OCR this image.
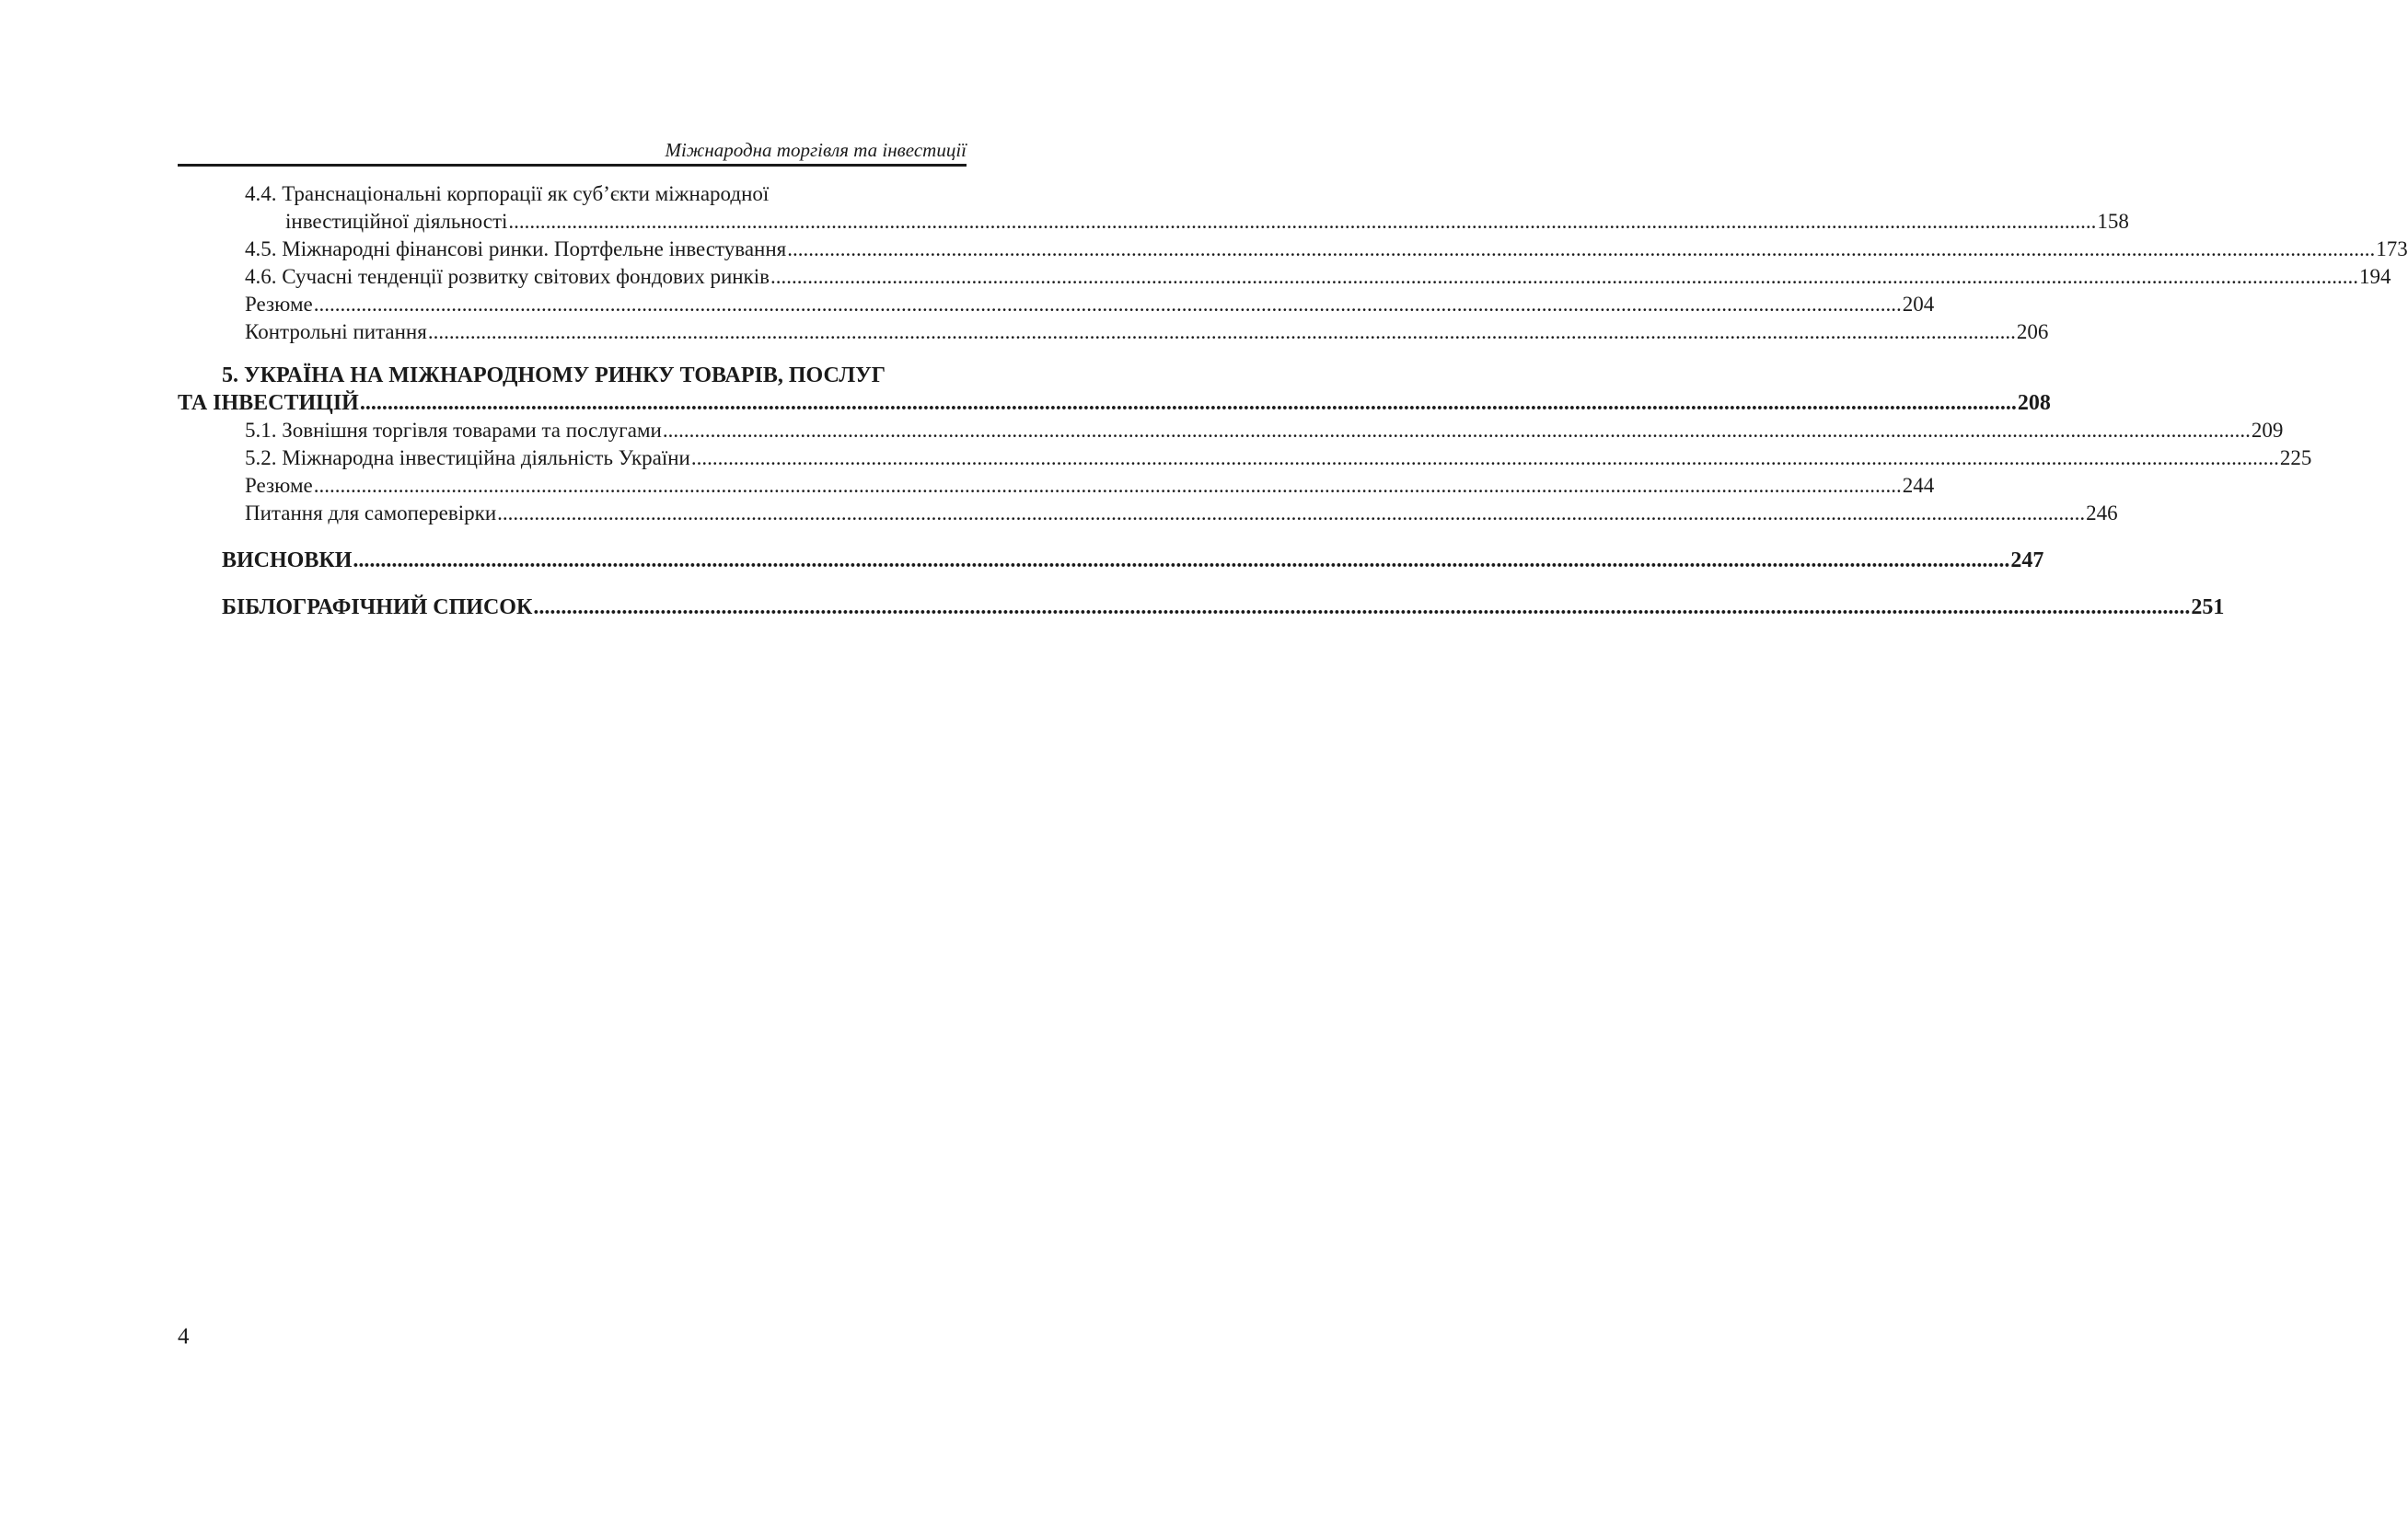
Міжнародна торгівля та інвестиції
4.4. Транснаціональні корпорації як суб’єкти міжнародної
інвестиційної діяльності ............................................................................................................................................................................................................................................................................................................ 158
4.5. Міжнародні фінансові ринки. Портфельне інвестування ............................................................................................................................................................................................................................................................................................................ 173
4.6. Сучасні тенденції розвитку світових фондових ринків ............................................................................................................................................................................................................................................................................................................ 194
Резюме ............................................................................................................................................................................................................................................................................................................ 204
Контрольні питання ............................................................................................................................................................................................................................................................................................................ 206
5. УКРАЇНА НА МІЖНАРОДНОМУ РИНКУ ТОВАРІВ, ПОСЛУГ
ТА ІНВЕСТИЦІЙ ............................................................................................................................................................................................................................................................................................................ 208
5.1. Зовнішня торгівля товарами та послугами ............................................................................................................................................................................................................................................................................................................ 209
5.2. Міжнародна інвестиційна діяльність України ............................................................................................................................................................................................................................................................................................................ 225
Резюме ............................................................................................................................................................................................................................................................................................................ 244
Питання для самоперевірки ............................................................................................................................................................................................................................................................................................................ 246
ВИСНОВКИ ............................................................................................................................................................................................................................................................................................................ 247
БІБЛОГРАФІЧНИЙ СПИСОК ............................................................................................................................................................................................................................................................................................................ 251
4
